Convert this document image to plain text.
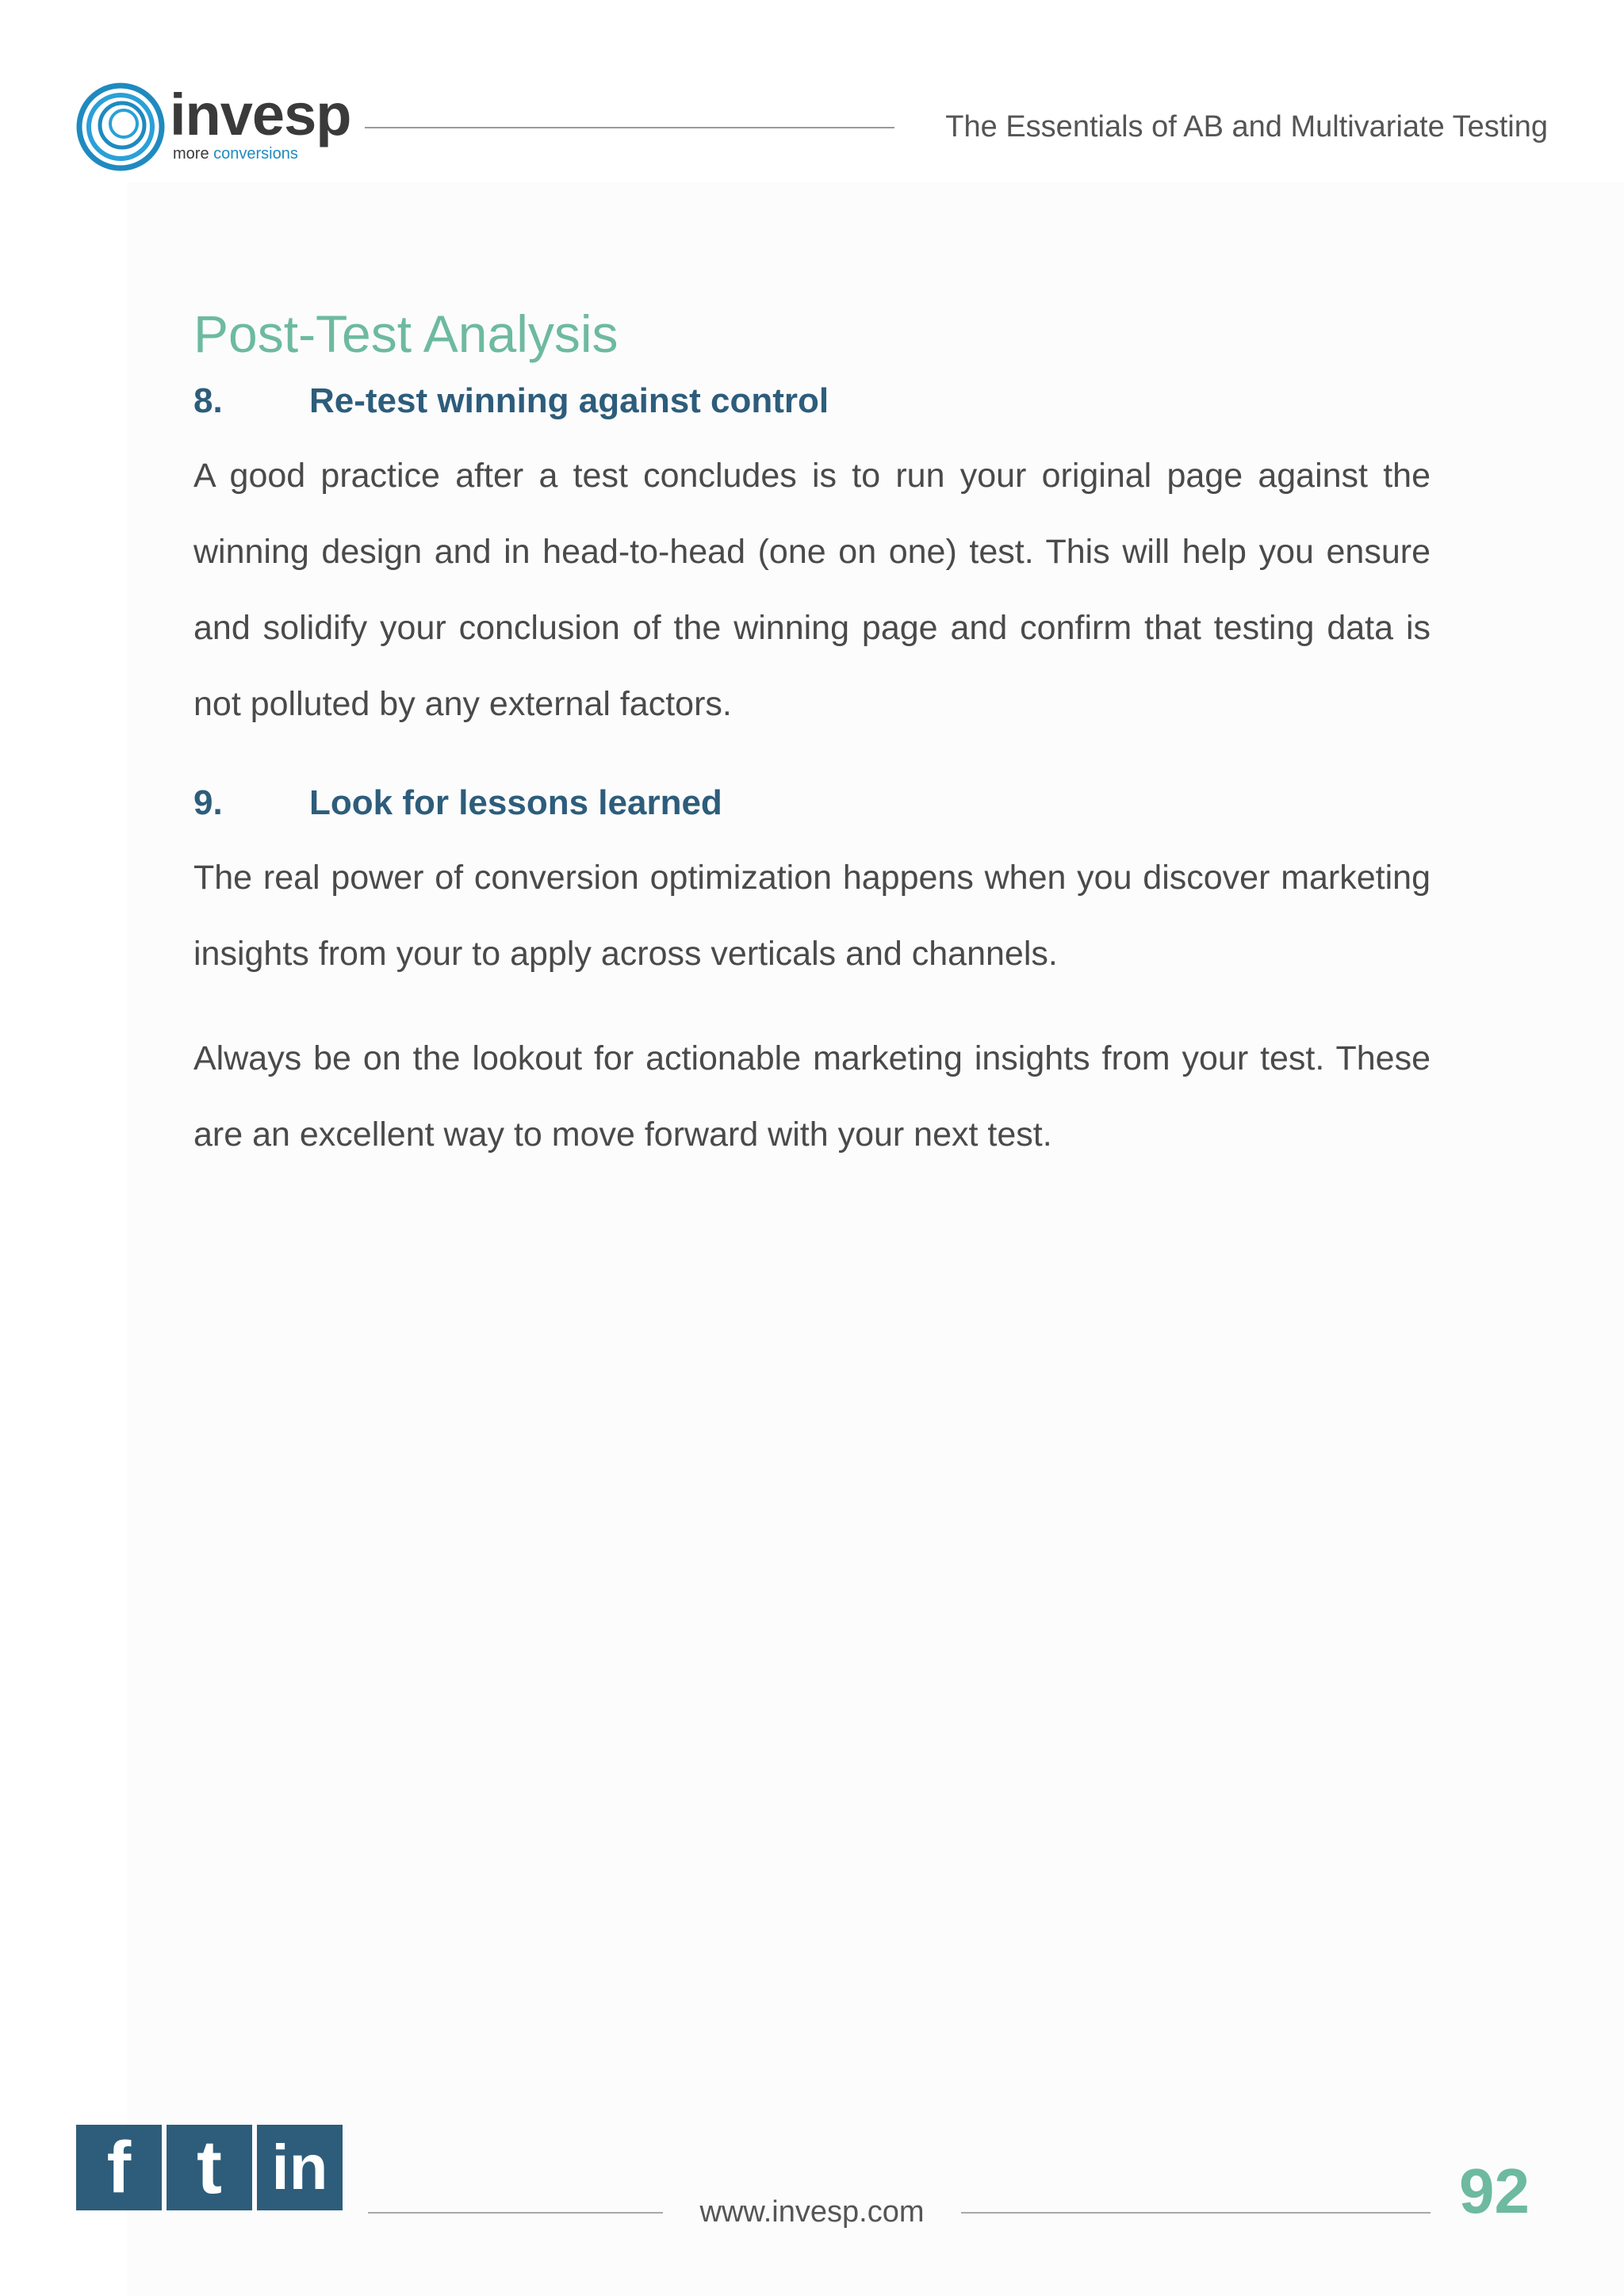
invesp
more conversions
The Essentials of AB and Multivariate Testing
Post-Test Analysis
8.	Re-test winning against control

A good practice after a test concludes is to run your original page against the winning design and in head-to-head (one on one) test. This will help you ensure and solidify your conclusion of the winning page and confirm that testing data is not polluted by any external factors.

9.	Look for lessons learned

The real power of conversion optimization happens when you discover marketing insights from your to apply across verticals and channels.

Always be on the lookout for actionable marketing insights from your test. These are an excellent way to move forward with your next test.

f t in
www.invesp.com	92
